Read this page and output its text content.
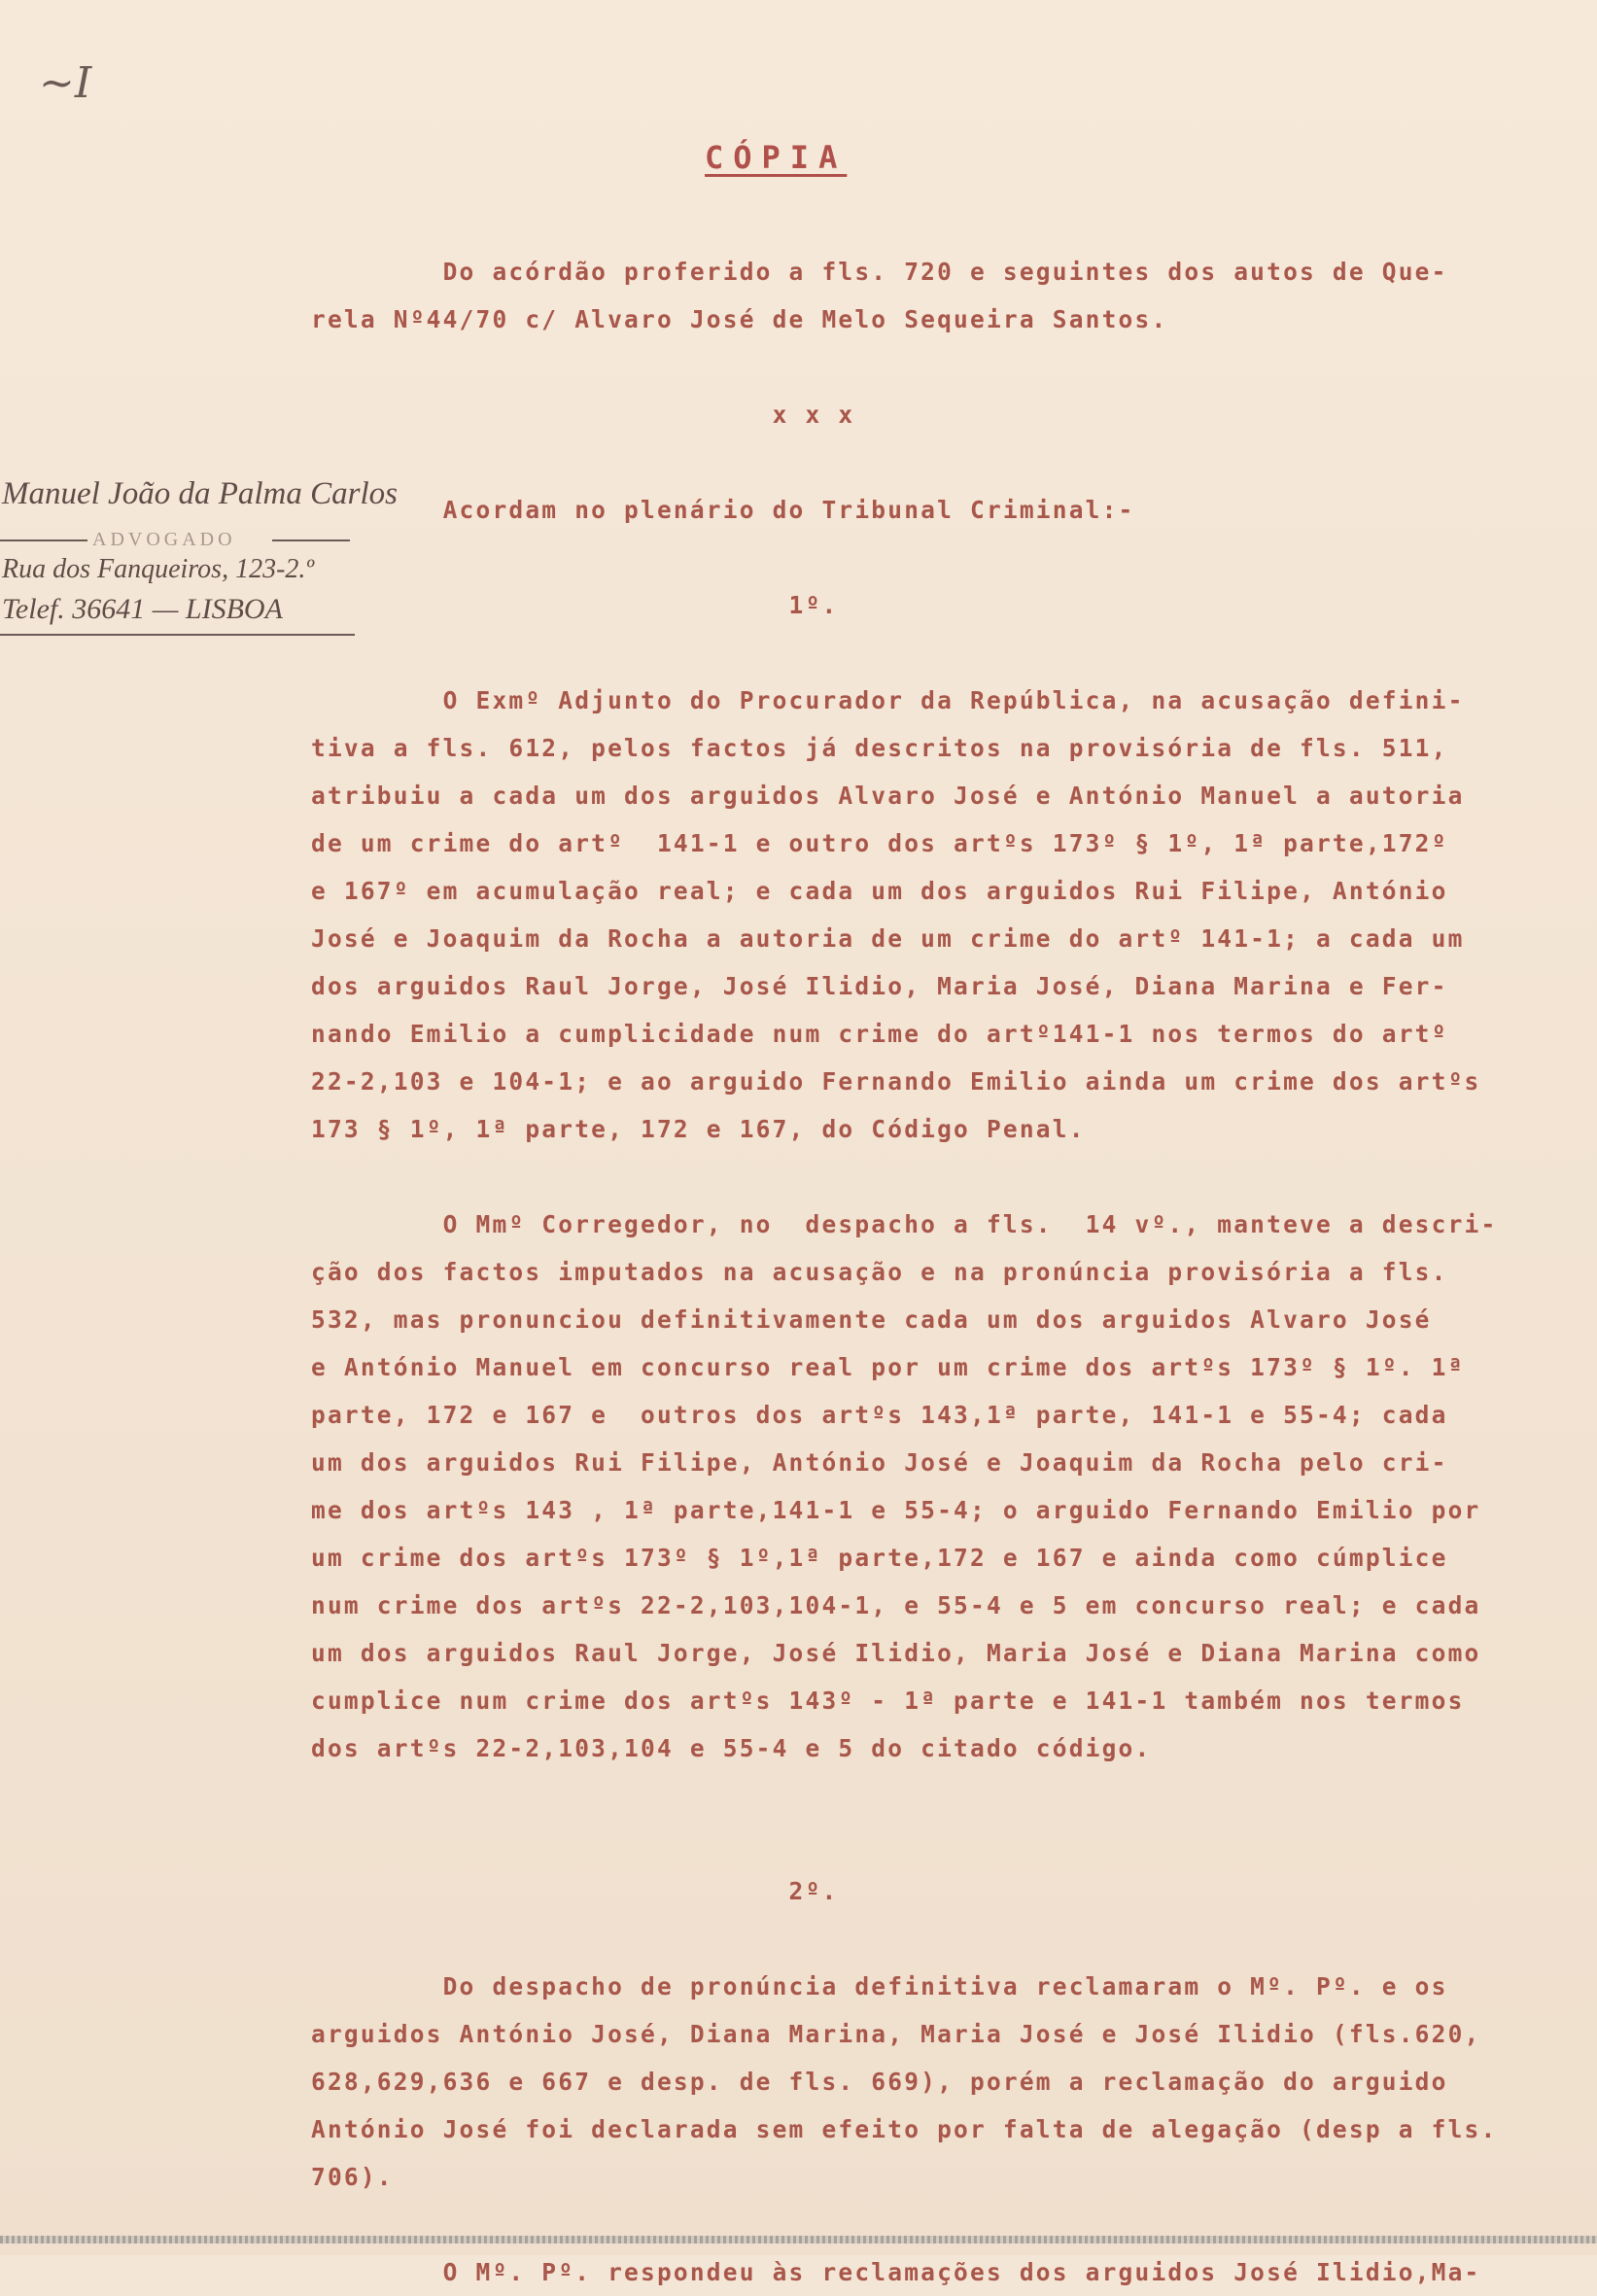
~I
Manuel João da Palma Carlos
ADVOGADO
Rua dos Fanqueiros, 123-2.º
Telef. 36641 — LISBOA
CÓPIA
Do acórdão proferido a fls. 720 e seguintes dos autos de Que-
rela Nº44/70 c/ Alvaro José de Melo Sequeira Santos.
x x x
Acordam no plenário do Tribunal Criminal:-
1º.
O Exmº Adjunto do Procurador da República, na acusação defini-
tiva a fls. 612, pelos factos já descritos na provisória de fls. 511,
atribuiu a cada um dos arguidos Alvaro José e António Manuel a autoria
de um crime do artº  141-1 e outro dos artºs 173º § 1º, 1ª parte,172º
e 167º em acumulação real; e cada um dos arguidos Rui Filipe, António
José e Joaquim da Rocha a autoria de um crime do artº 141-1; a cada um
dos arguidos Raul Jorge, José Ilidio, Maria José, Diana Marina e Fer-
nando Emilio a cumplicidade num crime do artº141-1 nos termos do artº
22-2,103 e 104-1; e ao arguido Fernando Emilio ainda um crime dos artºs
173 § 1º, 1ª parte, 172 e 167, do Código Penal.
O Mmº Corregedor, no  despacho a fls.  14 vº., manteve a descri-
ção dos factos imputados na acusação e na pronúncia provisória a fls.
532, mas pronunciou definitivamente cada um dos arguidos Alvaro José
e António Manuel em concurso real por um crime dos artºs 173º § 1º. 1ª
parte, 172 e 167 e  outros dos artºs 143,1ª parte, 141-1 e 55-4; cada
um dos arguidos Rui Filipe, António José e Joaquim da Rocha pelo cri-
me dos artºs 143 , 1ª parte,141-1 e 55-4; o arguido Fernando Emilio por
um crime dos artºs 173º § 1º,1ª parte,172 e 167 e ainda como cúmplice
num crime dos artºs 22-2,103,104-1, e 55-4 e 5 em concurso real; e cada
um dos arguidos Raul Jorge, José Ilidio, Maria José e Diana Marina como
cumplice num crime dos artºs 143º - 1ª parte e 141-1 também nos termos
dos artºs 22-2,103,104 e 55-4 e 5 do citado código.
2º.
Do despacho de pronúncia definitiva reclamaram o Mº. Pº. e os
arguidos António José, Diana Marina, Maria José e José Ilidio (fls.620,
628,629,636 e 667 e desp. de fls. 669), porém a reclamação do arguido
António José foi declarada sem efeito por falta de alegação (desp a fls.
706).
O Mº. Pº. respondeu às reclamações dos arguidos José Ilidio,Ma-
